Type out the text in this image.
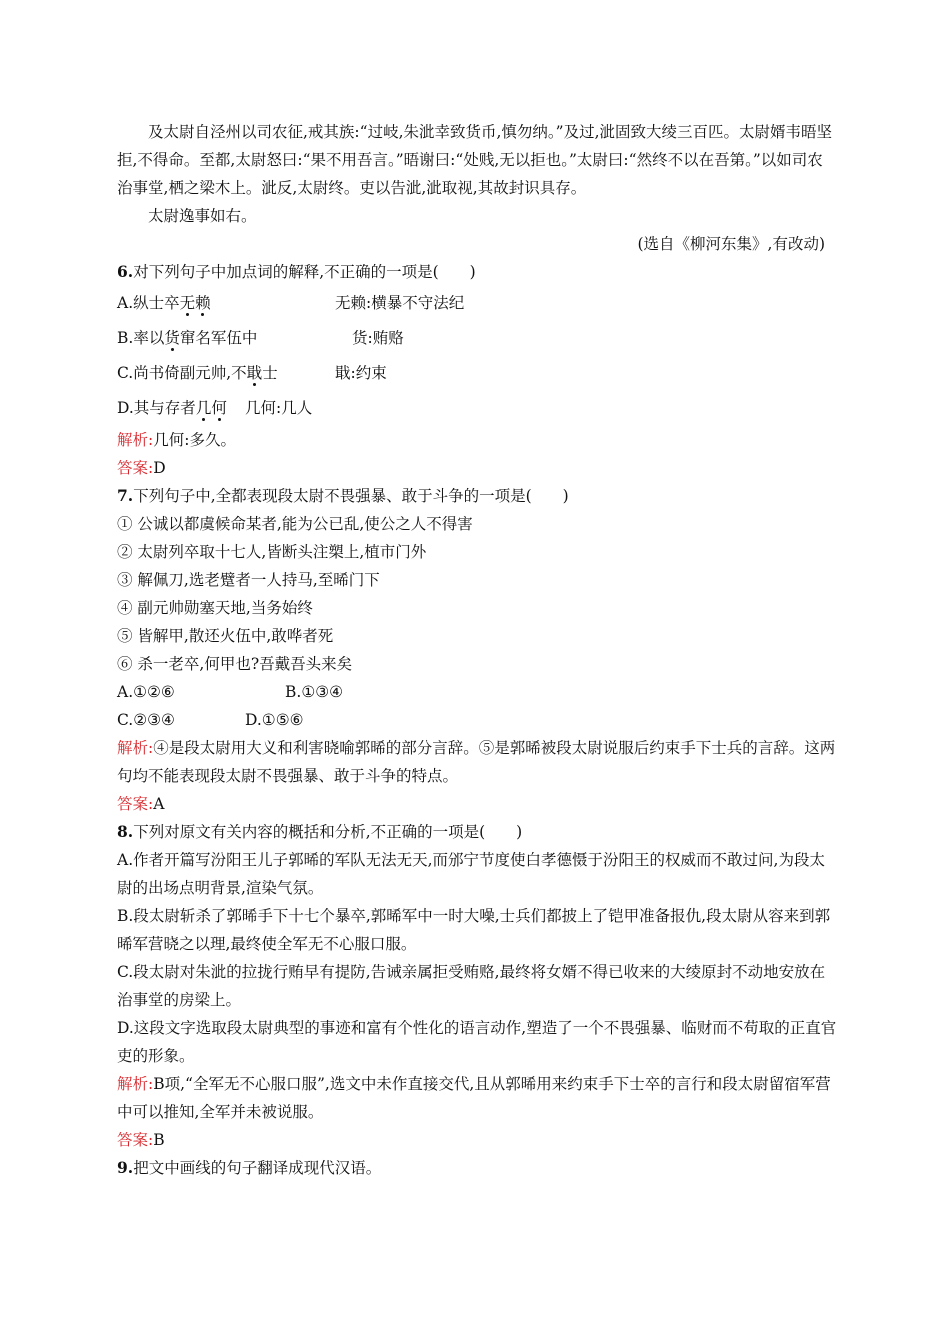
及太尉自泾州以司农征,戒其族:“过岐,朱泚幸致货币,慎勿纳。”及过,泚固致大绫三百匹。太尉婿韦晤坚拒,不得命。至都,太尉怒曰:“果不用吾言。”晤谢曰:“处贱,无以拒也。”太尉曰:“然终不以在吾第。”以如司农治事堂,栖之梁木上。泚反,太尉终。吏以告泚,泚取视,其故封识具存。

太尉逸事如右。

(选自《柳河东集》,有改动)

6.对下列句子中加点词的解释,不正确的一项是(　　)

A.纵士卒无赖	无赖:横暴不守法纪
B.率以货窜名军伍中	货:贿赂
C.尚书倚副元帅,不戢士	戢:约束
D.其与存者几何	几何:几人

解析:几何:多久。

答案:D

7.下列句子中,全都表现段太尉不畏强暴、敢于斗争的一项是(　　)

① 公诚以都虞候命某者,能为公已乱,使公之人不得害

② 太尉列卒取十七人,皆断头注槊上,植市门外

③ 解佩刀,选老躄者一人持马,至晞门下

④ 副元帅勋塞天地,当务始终

⑤ 皆解甲,散还火伍中,敢哗者死

⑥ 杀一老卒,何甲也?吾戴吾头来矣

A.①②⑥	B.①③④
C.②③④	D.①⑤⑥

解析:④是段太尉用大义和利害晓喻郭晞的部分言辞。⑤是郭晞被段太尉说服后约束手下士兵的言辞。这两句均不能表现段太尉不畏强暴、敢于斗争的特点。

答案:A

8.下列对原文有关内容的概括和分析,不正确的一项是(　　)

A.作者开篇写汾阳王儿子郭晞的军队无法无天,而邠宁节度使白孝德慑于汾阳王的权威而不敢过问,为段太尉的出场点明背景,渲染气氛。

B.段太尉斩杀了郭晞手下十七个暴卒,郭晞军中一时大噪,士兵们都披上了铠甲准备报仇,段太尉从容来到郭晞军营晓之以理,最终使全军无不心服口服。

C.段太尉对朱泚的拉拢行贿早有提防,告诫亲属拒受贿赂,最终将女婿不得已收来的大绫原封不动地安放在治事堂的房梁上。

D.这段文字选取段太尉典型的事迹和富有个性化的语言动作,塑造了一个不畏强暴、临财而不苟取的正直官吏的形象。

解析:B项,“全军无不心服口服”,选文中未作直接交代,且从郭晞用来约束手下士卒的言行和段太尉留宿军营中可以推知,全军并未被说服。

答案:B

9.把文中画线的句子翻译成现代汉语。
